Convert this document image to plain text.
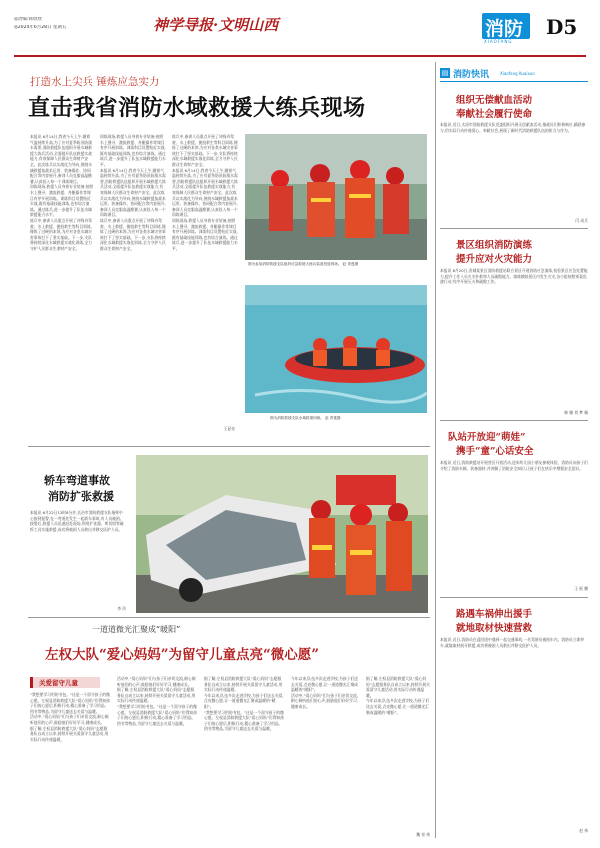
◎责编:韩欣欣
◎2024年6月28日 星期五	神学导报·文明山西	消防 D5
XIAOFANG
打造水上尖兵 锤炼应急实力
直击我省消防水域救援大练兵现场
本报讯 6月14日,我省今天上午,随着气温持续升高,为了应对夏季防汛防溺水需要,消防救援队伍组织开展水域救援大练兵活动,全面提升队伍救援实战能力,有效保障人民群众生命财产安全。此次练兵以实战化为导向,围绕水域救援技战术运用、装备操作、协同配合等内容展开,参训人员克服高温酷暑,认真投入每一个训练课目。
训练现场,救援人员身着专业装备,按照水上搜寻、激流救援、舟艇操作等课目有序开展训练。训练科目设置贴近实战,既有基础技能训练,也有综合演练。通过练兵,进一步提升了队伍水域救援能力水平。
练兵中,参训人员重点开展了冲锋舟驾驶、水上救援、抛投救生等科目训练,锤炼了过硬的本领,为应对各类水域灾害事故打下了坚实基础。下一步,支队将持续深化水域救援实战化训练,全力守护人民群众生命财产安全。
训练现场,救援人员身着专业装备,按照水上搜寻、激流救援、舟艇操作等课目有序开展训练。训练科目设置贴近实战,既有基础技能训练,也有综合演练。通过练兵,进一步提升了队伍水域救援能力水平。
本报讯 6月14日,我省今天上午,随着气温持续升高,为了应对夏季防汛防溺水需要,消防救援队伍组织开展水域救援大练兵活动,全面提升队伍救援实战能力,有效保障人民群众生命财产安全。此次练兵以实战化为导向,围绕水域救援技战术运用、装备操作、协同配合等内容展开,参训人员克服高温酷暑,认真投入每一个训练课目。
练兵中,参训人员重点开展了冲锋舟驾驶、水上救援、抛投救生等科目训练,锤炼了过硬的本领,为应对各类水域灾害事故打下了坚实基础。下一步,支队将持续深化水域救援实战化训练,全力守护人民群众生命财产安全。
练兵中,参训人员重点开展了冲锋舟驾驶、水上救援、抛投救生等科目训练,锤炼了过硬的本领,为应对各类水域灾害事故打下了坚实基础。下一步,支队将持续深化水域救援实战化训练,全力守护人民群众生命财产安全。
本报讯 6月14日,我省今天上午,随着气温持续升高,为了应对夏季防汛防溺水需要,消防救援队伍组织开展水域救援大练兵活动,全面提升队伍救援实战能力,有效保障人民群众生命财产安全。此次练兵以实战化为导向,围绕水域救援技战术运用、装备操作、协同配合等内容展开,参训人员克服高温酷暑,认真投入每一个训练课目。
训练现场,救援人员身着专业装备,按照水上搜寻、激流救援、舟艇操作等课目有序开展训练。训练科目设置贴近实战,既有基础技能训练,也有综合演练。通过练兵,进一步提升了队伍水域救援能力水平。
王显亮
图为参加消防救援支队组织应急救援大练兵装备投放现场。 赵 青莲摄
图为消防救援支队水域救援训练。 赵 青莲摄
轿车弯道事故
消防扩张救援
本报讯 6月22日13时8分许,长治市消防救援支队指挥中心接到报警,在一弯道处发生一起轿车事故,有人员被困。接警后,救援人员迅速赶赴现场,利用扩张器、剪切钳等破拆工具实施救援,成功将被困人员救出并移交医护人员。
李 玲
一道道微光汇聚成“暖阳”
左权大队“爱心妈妈”为留守儿童点亮“微心愿”
关爱留守儿童
“我想要学习用的书包。”这是一个留守孩子的微心愿。左权县消防救援大队“爱心妈妈”们得知孩子们的心愿后,积极行动,精心准备了学习用品、图书等物品,为留守儿童送去关爱与温暖。
活动中,“爱心妈妈”们与孩子们亲切交流,耐心倾听他们的心声,鼓励他们好好学习,健康成长。
据了解,左权县消防救援大队“爱心妈妈”志愿服务队自成立以来,持续开展关爱留守儿童活动,用实际行动传递温暖。
活动中,“爱心妈妈”们与孩子们亲切交流,耐心倾听他们的心声,鼓励他们好好学习,健康成长。
据了解,左权县消防救援大队“爱心妈妈”志愿服务队自成立以来,持续开展关爱留守儿童活动,用实际行动传递温暖。
“我想要学习用的书包。”这是一个留守孩子的微心愿。左权县消防救援大队“爱心妈妈”们得知孩子们的心愿后,积极行动,精心准备了学习用品、图书等物品,为留守儿童送去关爱与温暖。
据了解,左权县消防救援大队“爱心妈妈”志愿服务队自成立以来,持续开展关爱留守儿童活动,用实际行动传递温暖。
今年以来,队伍多次走进学校,为孩子们送去关爱,点亮微心愿,让一道道微光汇聚成温暖的“暖阳”。
“我想要学习用的书包。”这是一个留守孩子的微心愿。左权县消防救援大队“爱心妈妈”们得知孩子们的心愿后,积极行动,精心准备了学习用品、图书等物品,为留守儿童送去关爱与温暖。
今年以来,队伍多次走进学校,为孩子们送去关爱,点亮微心愿,让一道道微光汇聚成温暖的“暖阳”。
活动中,“爱心妈妈”们与孩子们亲切交流,耐心倾听他们的心声,鼓励他们好好学习,健康成长。
据了解,左权县消防救援大队“爱心妈妈”志愿服务队自成立以来,持续开展关爱留守儿童活动,用实际行动传递温暖。
今年以来,队伍多次走进学校,为孩子们送去关爱,点亮微心愿,让一道道微光汇聚成温暖的“暖阳”。
魏 泉 伟
▤ 消防快讯	Xiaofang Kuaixun
组织无偿献血活动
奉献社会履行使命
本报讯 近日,太原市消防救援支队党委组织开展无偿献血活动,指战员们积极响应,踊跃参与,用实际行动传递爱心、奉献社会,展现了新时代消防救援队伍的担当与作为。
闫 成兵
景区组织消防演练
提升应对火灾能力
本报讯 6月20日,晋城某景区消防救援站联合景区开展消防应急演练,检验景区应急处置能力,提升工作人员火灾扑救和人员疏散能力。演练模拟景区内发生火灾,各小组按照预案迅速行动,有序开展灭火和疏散工作。
韩 娜 刘 梦 佩
队站开放迎“萌娃”
携手“童”心话安全
本报讯 近日,消防救援站开展营区开放活动,迎来幼儿园小朋友参观体验。消防员向孩子们介绍了消防车辆、装备器材,并讲解了消防安全知识,让孩子们在快乐中增强安全意识。
王 跃 鹏
路遇车祸伸出援手
就地取材快速营救
本报讯 近日,消防员在返回途中遇到一起交通事故,一名驾驶员被困车内。消防员立即停车,就地取材展开救援,成功将被困人员救出并移交医护人员。
赵 伟
